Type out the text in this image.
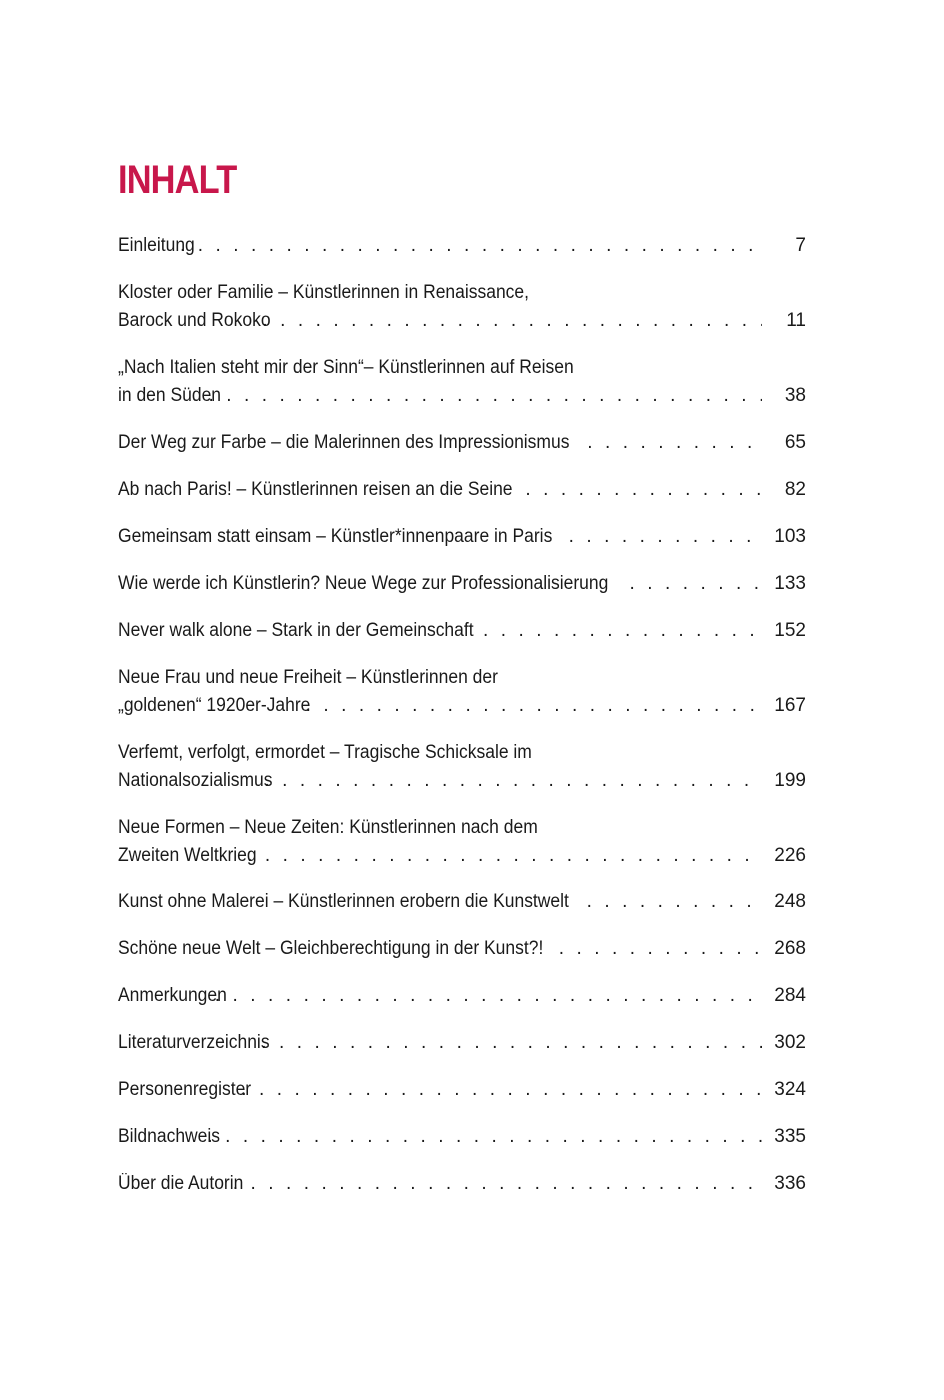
INHALT
Einleitung . . .	7
Kloster oder Familie – Künstlerinnen in Renaissance,
Barock und Rokoko . . .	11
„Nach Italien steht mir der Sinn“– Künstlerinnen auf Reisen
in den Süden . . .	38
Der Weg zur Farbe – die Malerinnen des Impressionismus . . .	65
Ab nach Paris! – Künstlerinnen reisen an die Seine . . .	82
Gemeinsam statt einsam – Künstler*innenpaare in Paris . . .	103
Wie werde ich Künstlerin? Neue Wege zur Professionalisierung . . .	133
Never walk alone – Stark in der Gemeinschaft . . .	152
Neue Frau und neue Freiheit – Künstlerinnen der
„goldenen“ 1920er-Jahre . . .	167
Verfemt, verfolgt, ermordet – Tragische Schicksale im
Nationalsozialismus . . .	199
Neue Formen – Neue Zeiten: Künstlerinnen nach dem
Zweiten Weltkrieg . . .	226
Kunst ohne Malerei – Künstlerinnen erobern die Kunstwelt . . .	248
Schöne neue Welt – Gleichberechtigung in der Kunst?! . . .	268
Anmerkungen . . .	284
Literaturverzeichnis . . .	302
Personenregister . . .	324
Bildnachweis . . .	335
Über die Autorin . . .	336
